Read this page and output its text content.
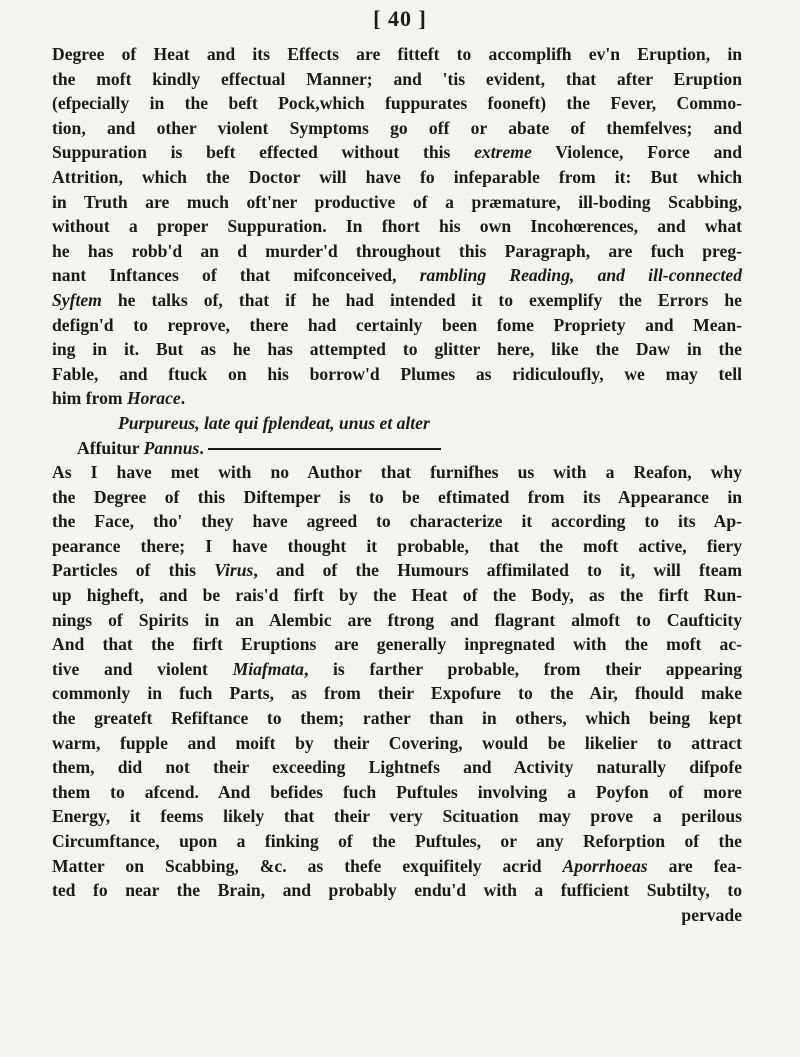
[ 40 ]
Degree of Heat and its Effects are fitteft to accomplifh ev'n Eruption, in
the moft kindly effectual Manner; and 'tis evident, that after Eruption
(efpecially in the beft Pock,which fuppurates fooneft) the Fever, Commo-
tion, and other violent Symptoms go off or abate of themfelves; and
Suppuration is beft effected without this extreme Violence, Force and
Attrition, which the Doctor will have fo infeparable from it: But which
in Truth are much oft'ner productive of a præmature, ill-boding Scabbing,
without a proper Suppuration. In fhort his own Incohœrences, and what
he has robb'd an d murder'd throughout this Paragraph, are fuch preg-
nant Inftances of that mifconceived, rambling Reading, and ill-connected
Syftem he talks of, that if he had intended it to exemplify the Errors he
defign'd to reprove, there had certainly been fome Propriety and Mean-
ing in it. But as he has attempted to glitter here, like the Daw in the
Fable, and ftuck on his borrow'd Plumes as ridiculoufly, we may tell
him from Horace.
Purpureus, late qui fplendeat, unus et alter
Affuitur Pannus.
As I have met with no Author that furnifhes us with a Reafon, why
the Degree of this Diftemper is to be eftimated from its Appearance in
the Face, tho' they have agreed to characterize it according to its Ap-
pearance there; I have thought it probable, that the moft active, fiery
Particles of this Virus, and of the Humours affimilated to it, will fteam
up higheft, and be rais'd firft by the Heat of the Body, as the firft Run-
nings of Spirits in an Alembic are ftrong and flagrant almoft to Caufticity
And that the firft Eruptions are generally inpregnated with the moft ac-
tive and violent Miafmata, is farther probable, from their appearing
commonly in fuch Parts, as from their Expofure to the Air, fhould make
the greateft Refiftance to them; rather than in others, which being kept
warm, fupple and moift by their Covering, would be likelier to attract
them, did not their exceeding Lightnefs and Activity naturally difpofe
them to afcend. And befides fuch Puftules involving a Poyfon of more
Energy, it feems likely that their very Scituation may prove a perilous
Circumftance, upon a finking of the Puftules, or any Reforption of the
Matter on Scabbing, &c. as thefe exquifitely acrid Aporrhoeas are fea-
ted fo near the Brain, and probably endu'd with a fufficient Subtilty, to
pervade
